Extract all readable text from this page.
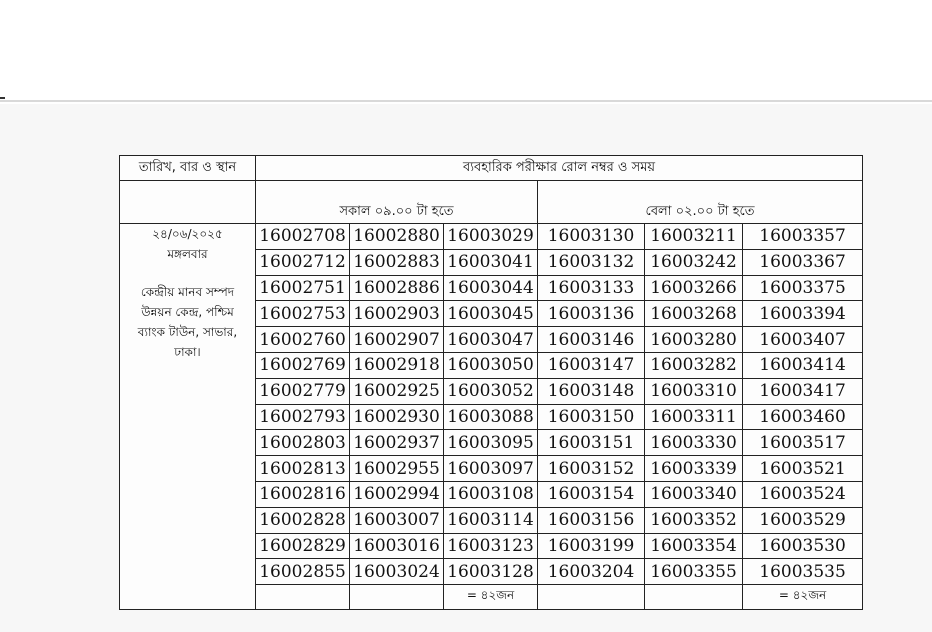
তারিখ, বার ও স্থান	ব্যবহারিক পরীক্ষার রোল নম্বর ও সময়					
	সকাল ০৯.০০ টা হতে			বেলা ০২.০০ টা হতে		

২৪/০৬/২০২৫
মঙ্গলবার
কেন্দ্রীয় মানব সম্পদ উন্নয়ন কেন্দ্র, পশ্চিম ব্যাংক টাউন, সাভার, ঢাকা।	16002708	16002880	16003029	16003130	16003211	16003357
	16002712	16002883	16003041	16003132	16003242	16003367
	16002751	16002886	16003044	16003133	16003266	16003375
	16002753	16002903	16003045	16003136	16003268	16003394
	16002760	16002907	16003047	16003146	16003280	16003407
	16002769	16002918	16003050	16003147	16003282	16003414
	16002779	16002925	16003052	16003148	16003310	16003417
	16002793	16002930	16003088	16003150	16003311	16003460
	16002803	16002937	16003095	16003151	16003330	16003517
	16002813	16002955	16003097	16003152	16003339	16003521
	16002816	16002994	16003108	16003154	16003340	16003524
	16002828	16003007	16003114	16003156	16003352	16003529
	16002829	16003016	16003123	16003199	16003354	16003530
	16002855	16003024	16003128	16003204	16003355	16003535
			= ৪২জন			= ৪২জন
